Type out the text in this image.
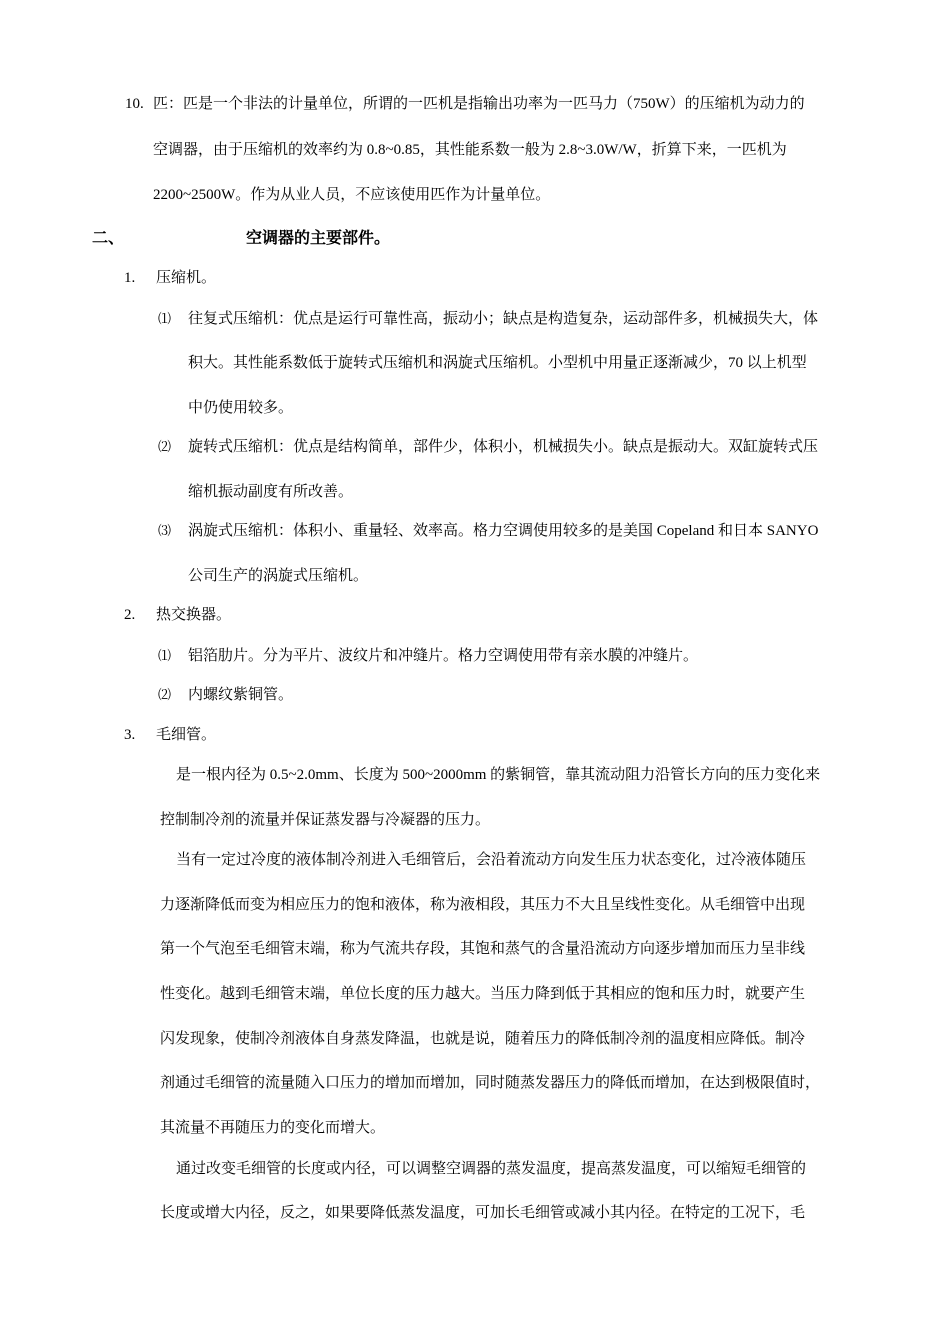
10. 匹：匹是一个非法的计量单位，所谓的一匹机是指输出功率为一匹马力（750W）的压缩机为动力的
空调器，由于压缩机的效率约为 0.8~0.85，其性能系数一般为 2.8~3.0W/W，折算下来，一匹机为
2200~2500W。作为从业人员，不应该使用匹作为计量单位。
二、	空调器的主要部件。
1. 压缩机。
⑴ 往复式压缩机：优点是运行可靠性高，振动小；缺点是构造复杂，运动部件多，机械损失大，体
积大。其性能系数低于旋转式压缩机和涡旋式压缩机。小型机中用量正逐渐减少，70 以上机型
中仍使用较多。
⑵ 旋转式压缩机：优点是结构简单，部件少，体积小，机械损失小。缺点是振动大。双缸旋转式压
缩机振动副度有所改善。
⑶ 涡旋式压缩机：体积小、重量轻、效率高。格力空调使用较多的是美国 Copeland 和日本 SANYO
公司生产的涡旋式压缩机。
2. 热交换器。
⑴ 铝箔肋片。分为平片、波纹片和冲缝片。格力空调使用带有亲水膜的冲缝片。
⑵ 内螺纹紫铜管。
3. 毛细管。
是一根内径为 0.5~2.0mm、长度为 500~2000mm 的紫铜管，靠其流动阻力沿管长方向的压力变化来
控制制冷剂的流量并保证蒸发器与冷凝器的压力。
当有一定过冷度的液体制冷剂进入毛细管后，会沿着流动方向发生压力状态变化，过冷液体随压
力逐渐降低而变为相应压力的饱和液体，称为液相段，其压力不大且呈线性变化。从毛细管中出现
第一个气泡至毛细管末端，称为气流共存段，其饱和蒸气的含量沿流动方向逐步增加而压力呈非线
性变化。越到毛细管末端，单位长度的压力越大。当压力降到低于其相应的饱和压力时，就要产生
闪发现象，使制冷剂液体自身蒸发降温，也就是说，随着压力的降低制冷剂的温度相应降低。制冷
剂通过毛细管的流量随入口压力的增加而增加，同时随蒸发器压力的降低而增加，在达到极限值时，
其流量不再随压力的变化而增大。
通过改变毛细管的长度或内径，可以调整空调器的蒸发温度，提高蒸发温度，可以缩短毛细管的
长度或增大内径，反之，如果要降低蒸发温度，可加长毛细管或减小其内径。在特定的工况下，毛
